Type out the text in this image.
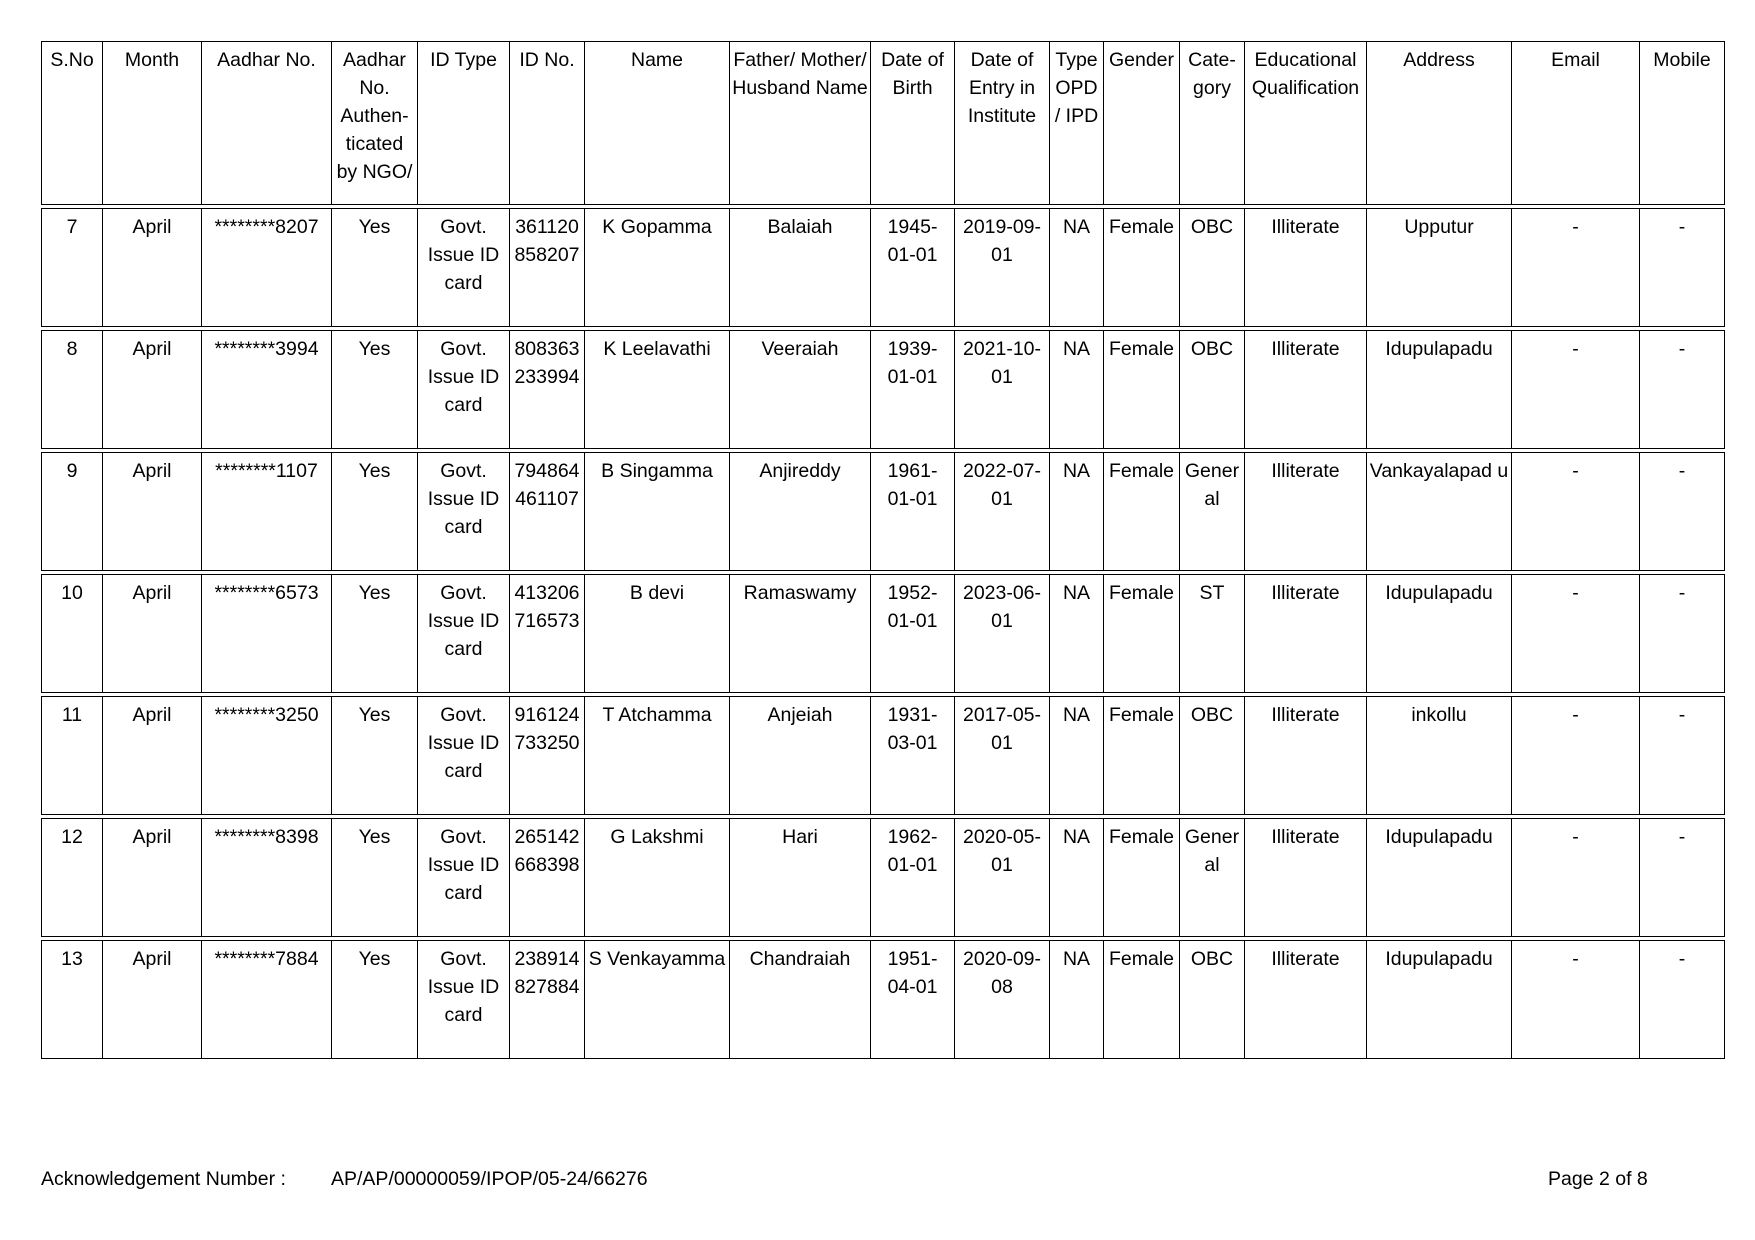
S.No	Month	Aadhar No.	Aadhar No. Authen- ticated by NGO/	ID Type	ID No.	Name	Father/ Mother/ Husband Name	Date of Birth	Date of Entry in Institute	Type OPD / IPD	Gender	Cate- gory	Educational Qualification	Address	Email	Mobile
7	April	********8207	Yes	Govt. Issue ID card	361120 858207	K Gopamma	Balaiah	1945- 01-01	2019-09- 01	NA	Female	OBC	Illiterate	Upputur	-	-
8	April	********3994	Yes	Govt. Issue ID card	808363 233994	K Leelavathi	Veeraiah	1939- 01-01	2021-10- 01	NA	Female	OBC	Illiterate	Idupulapadu	-	-
9	April	********1107	Yes	Govt. Issue ID card	794864 461107	B Singamma	Anjireddy	1961- 01-01	2022-07- 01	NA	Female	Gener al	Illiterate	Vankayalapad u	-	-
10	April	********6573	Yes	Govt. Issue ID card	413206 716573	B devi	Ramaswamy	1952- 01-01	2023-06- 01	NA	Female	ST	Illiterate	Idupulapadu	-	-
11	April	********3250	Yes	Govt. Issue ID card	916124 733250	T Atchamma	Anjeiah	1931- 03-01	2017-05- 01	NA	Female	OBC	Illiterate	inkollu	-	-
12	April	********8398	Yes	Govt. Issue ID card	265142 668398	G Lakshmi	Hari	1962- 01-01	2020-05- 01	NA	Female	Gener al	Illiterate	Idupulapadu	-	-
13	April	********7884	Yes	Govt. Issue ID card	238914 827884	S Venkayamma	Chandraiah	1951- 04-01	2020-09- 08	NA	Female	OBC	Illiterate	Idupulapadu	-	-
Acknowledgement Number : AP/AP/00000059/IPOP/05-24/66276	Page 2 of 8
